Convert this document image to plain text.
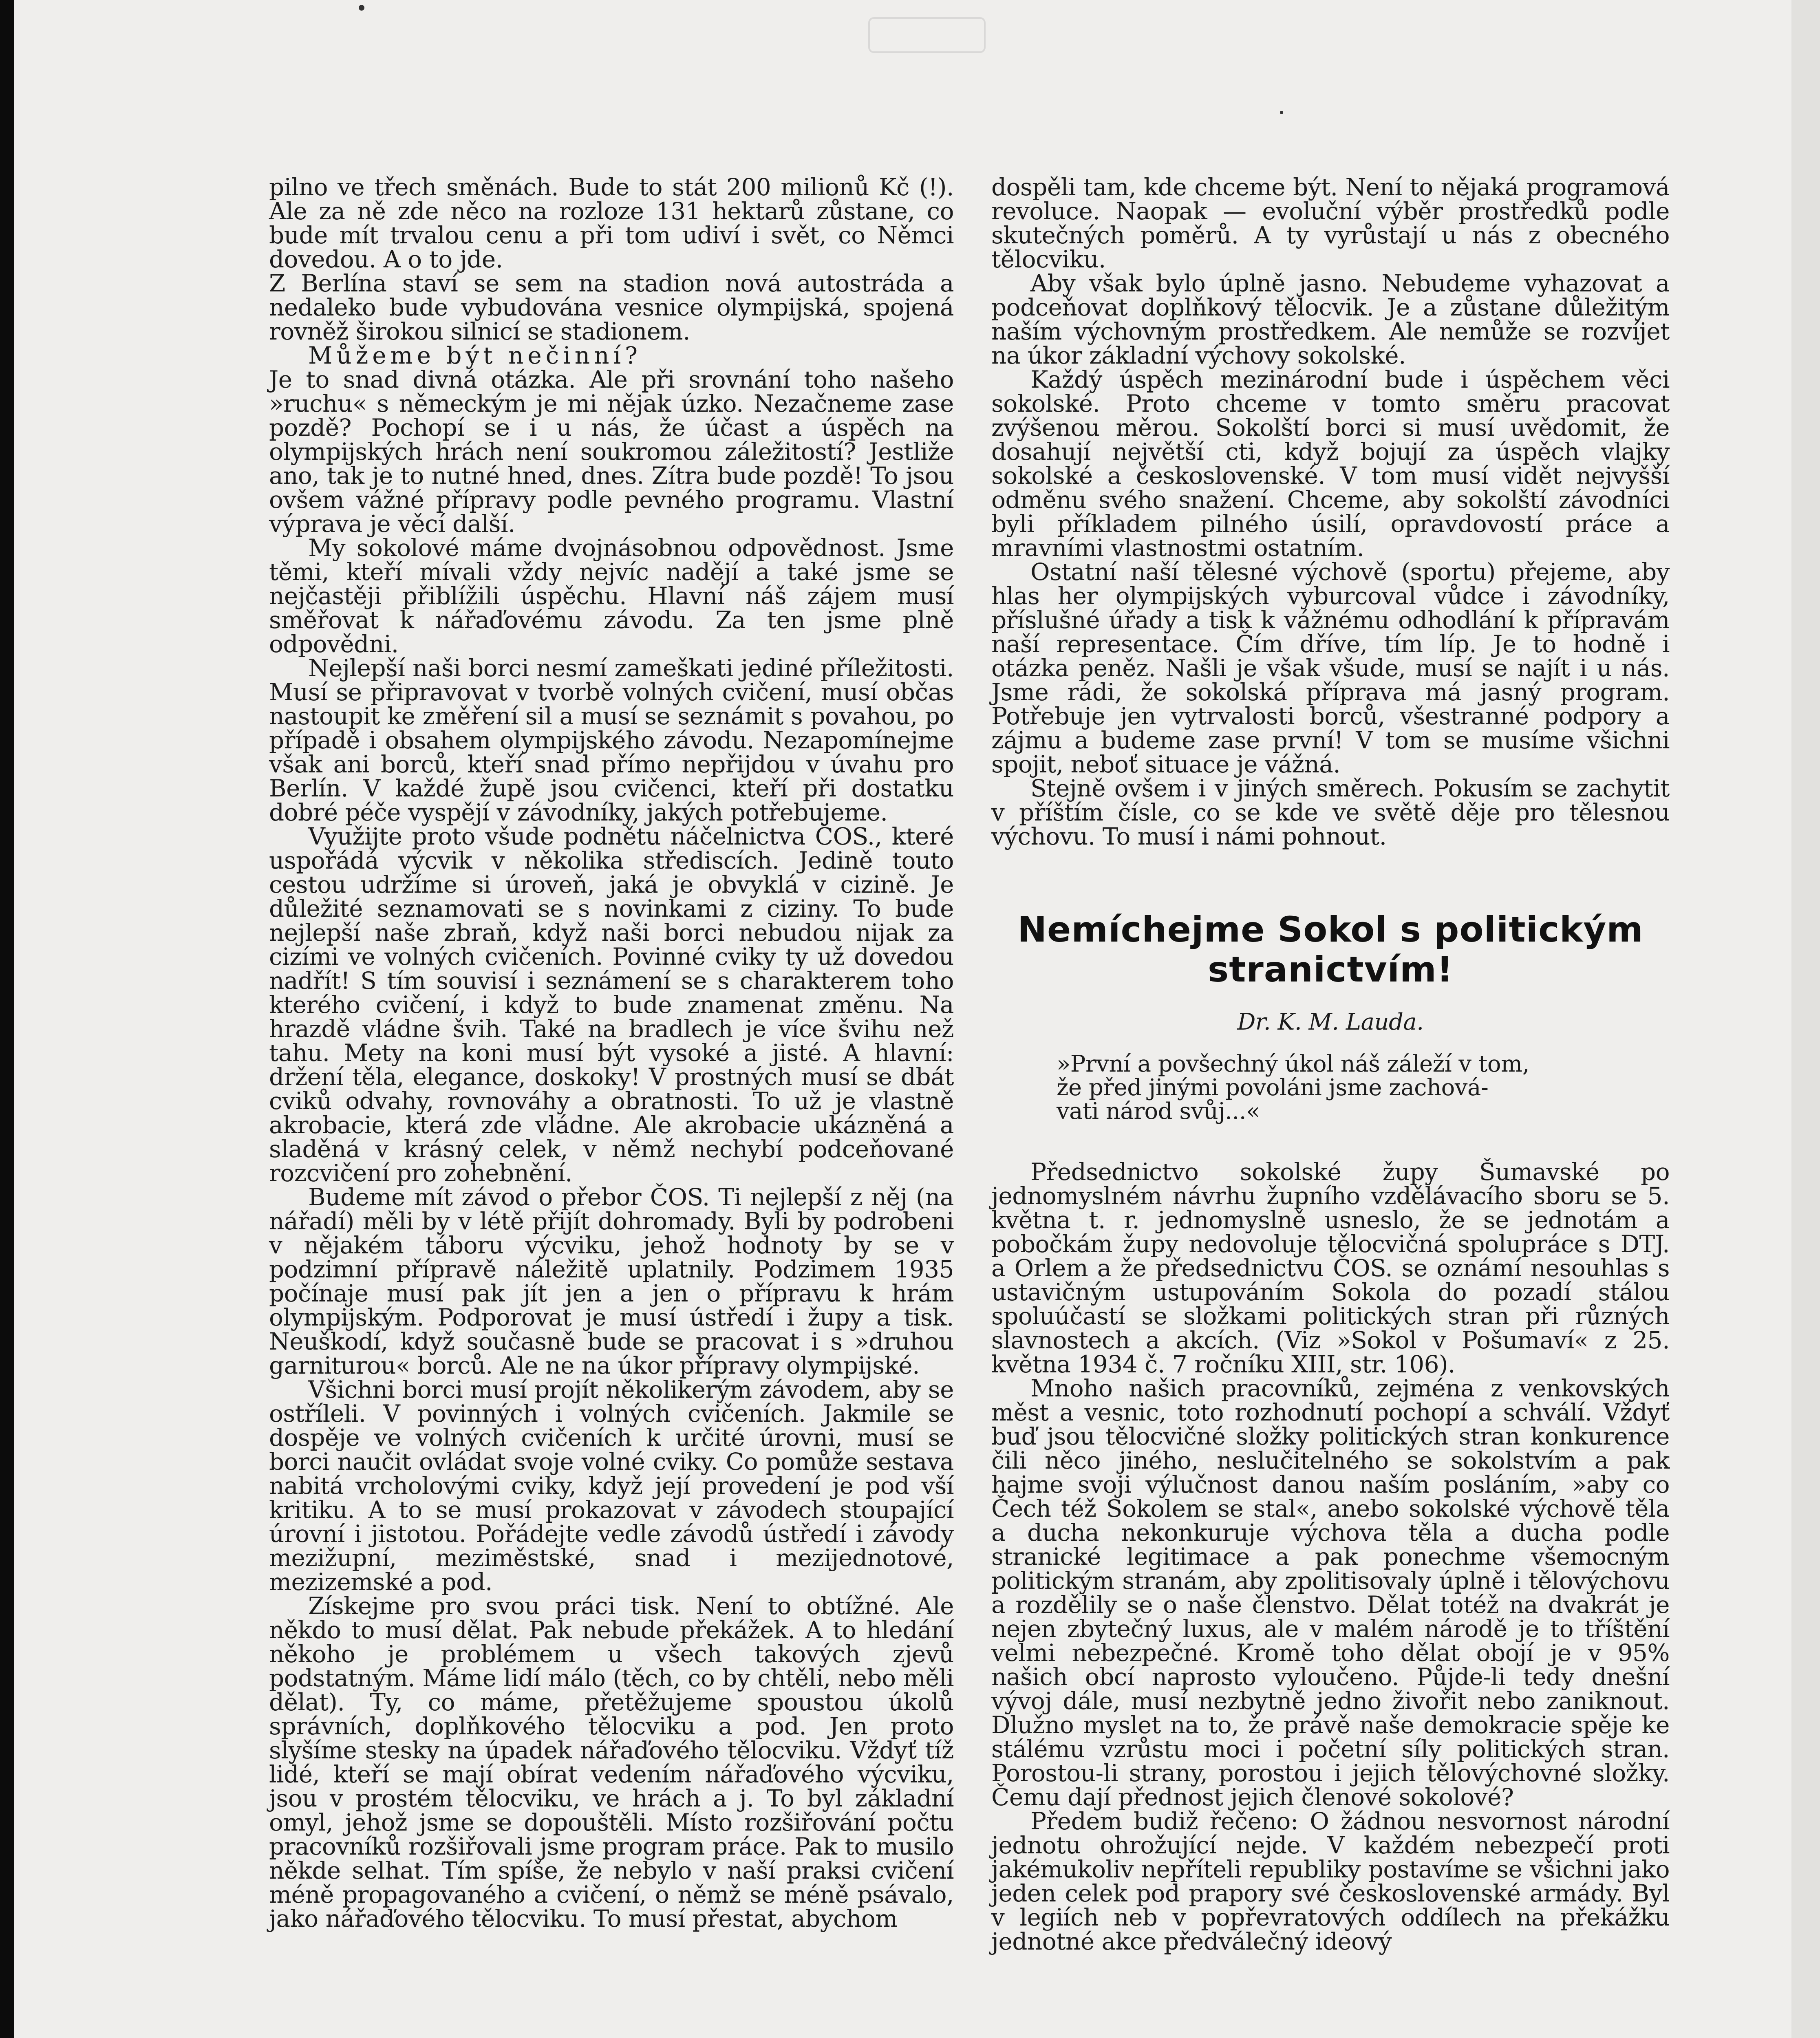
pilno ve třech směnách. Bude to stát 200 milionů Kč (!). Ale za ně zde něco na rozloze 131 hektarů zůstane, co bude mít trvalou cenu a při tom udiví i svět, co Němci dovedou. A o to jde.

Z Berlína staví se sem na stadion nová autostráda a nedaleko bude vybudována vesnice olympijská, spojená rovněž širokou silnicí se stadionem.

Můžeme být nečinní?

Je to snad divná otázka. Ale při srovnání toho našeho »ruchu« s německým je mi nějak úzko. Nezačneme zase pozdě? Pochopí se i u nás, že účast a úspěch na olympijských hrách není soukromou záležitostí? Jestliže ano, tak je to nutné hned, dnes. Zítra bude pozdě! To jsou ovšem vážné přípravy podle pevného programu. Vlastní výprava je věcí další.

My sokolové máme dvojnásobnou odpovědnost. Jsme těmi, kteří mívali vždy nejvíc nadějí a také jsme se nejčastěji přiblížili úspěchu. Hlavní náš zájem musí směřovat k nářaďovému závodu. Za ten jsme plně odpovědni.

Nejlepší naši borci nesmí zameškati jediné příležitosti. Musí se připravovat v tvorbě volných cvičení, musí občas nastoupit ke změření sil a musí se seznámit s povahou, po případě i obsahem olympijského závodu. Nezapomínejme však ani borců, kteří snad přímo nepřijdou v úvahu pro Berlín. V každé župě jsou cvičenci, kteří při dostatku dobré péče vyspějí v závodníky, jakých potřebujeme.

Využijte proto všude podnětu náčelnictva ČOS., které uspořádá výcvik v několika střediscích. Jedině touto cestou udržíme si úroveň, jaká je obvyklá v cizině. Je důležité seznamovati se s novinkami z ciziny. To bude nejlepší naše zbraň, když naši borci nebudou nijak za cizími ve volných cvičeních. Povinné cviky ty už dovedou nadřít! S tím souvisí i seznámení se s charakterem toho kterého cvičení, i když to bude znamenat změnu. Na hrazdě vládne švih. Také na bradlech je více švihu než tahu. Mety na koni musí být vysoké a jisté. A hlavní: držení těla, elegance, doskoky! V prostných musí se dbát cviků odvahy, rovnováhy a obratnosti. To už je vlastně akrobacie, která zde vládne. Ale akrobacie ukázněná a sladěná v krásný celek, v němž nechybí podceňované rozcvičení pro zohebnění.

Budeme mít závod o přebor ČOS. Ti nejlepší z něj (na nářadí) měli by v létě přijít dohromady. Byli by podrobeni v nějakém táboru výcviku, jehož hodnoty by se v podzimní přípravě náležitě uplatnily. Podzimem 1935 počínaje musí pak jít jen a jen o přípravu k hrám olympijským. Podporovat je musí ústředí i župy a tisk. Neuškodí, když současně bude se pracovat i s »druhou garniturou« borců. Ale ne na úkor přípravy olympijské.

Všichni borci musí projít několikerým závodem, aby se ostříleli. V povinných i volných cvičeních. Jakmile se dospěje ve volných cvičeních k určité úrovni, musí se borci naučit ovládat svoje volné cviky. Co pomůže sestava nabitá vrcholovými cviky, když její provedení je pod vší kritiku. A to se musí prokazovat v závodech stoupající úrovní i jistotou. Pořádejte vedle závodů ústředí i závody mezižupní, meziměstské, snad i mezijednotové, mezizemské a pod.

Získejme pro svou práci tisk. Není to obtížné. Ale někdo to musí dělat. Pak nebude překážek. A to hledání někoho je problémem u všech takových zjevů podstatným. Máme lidí málo (těch, co by chtěli, nebo měli dělat). Ty, co máme, přetěžujeme spoustou úkolů správních, doplňkového tělocviku a pod. Jen proto slyšíme stesky na úpadek nářaďového tělocviku. Vždyť tíž lidé, kteří se mají obírat vedením nářaďového výcviku, jsou v prostém tělocviku, ve hrách a j. To byl základní omyl, jehož jsme se dopouštěli. Místo rozšiřování počtu pracovníků rozšiřovali jsme program práce. Pak to musilo někde selhat. Tím spíše, že nebylo v naší praksi cvičení méně propagovaného a cvičení, o němž se méně psávalo, jako nářaďového tělocviku. To musí přestat, abychom

dospěli tam, kde chceme být. Není to nějaká programová revoluce. Naopak — evoluční výběr prostředků podle skutečných poměrů. A ty vyrůstají u nás z obecného tělocviku.

Aby však bylo úplně jasno. Nebudeme vyhazovat a podceňovat doplňkový tělocvik. Je a zůstane důležitým naším výchovným prostředkem. Ale nemůže se rozvíjet na úkor základní výchovy sokolské.

Každý úspěch mezinárodní bude i úspěchem věci sokolské. Proto chceme v tomto směru pracovat zvýšenou měrou. Sokolští borci si musí uvědomit, že dosahují největší cti, když bojují za úspěch vlajky sokolské a československé. V tom musí vidět nejvyšší odměnu svého snažení. Chceme, aby sokolští závodníci byli příkladem pilného úsilí, opravdovostí práce a mravními vlastnostmi ostatním.

Ostatní naší tělesné výchově (sportu) přejeme, aby hlas her olympijských vyburcoval vůdce i závodníky, příslušné úřady a tisk k vážnému odhodlání k přípravám naší representace. Čím dříve, tím líp. Je to hodně i otázka peněz. Našli je však všude, musí se najít i u nás. Jsme rádi, že sokolská příprava má jasný program. Potřebuje jen vytrvalosti borců, všestranné podpory a zájmu a budeme zase první! V tom se musíme všichni spojit, neboť situace je vážná.

Stejně ovšem i v jiných směrech. Pokusím se zachytit v příštím čísle, co se kde ve světě děje pro tělesnou výchovu. To musí i námi pohnout.

Nemíchejme Sokol s politickým stranictvím!
Dr. K. M. Lauda.
»První a povšechný úkol náš záleží v tom,
že před jinými povoláni jsme zachová-
vati národ svůj...«

Předsednictvo sokolské župy Šumavské po jednomyslném návrhu župního vzdělávacího sboru se 5. května t. r. jednomyslně usneslo, že se jednotám a pobočkám župy nedovoluje tělocvičná spolupráce s DTJ. a Orlem a že předsednictvu ČOS. se oznámí nesouhlas s ustavičným ustupováním Sokola do pozadí stálou spoluúčastí se složkami politických stran při různých slavnostech a akcích. (Viz »Sokol v Pošumaví« z 25. května 1934 č. 7 ročníku XIII, str. 106).

Mnoho našich pracovníků, zejména z venkovských měst a vesnic, toto rozhodnutí pochopí a schválí. Vždyť buď jsou tělocvičné složky politických stran konkurence čili něco jiného, neslučitelného se sokolstvím a pak hajme svoji výlučnost danou naším posláním, »aby co Čech též Sokolem se stal«, anebo sokolské výchově těla a ducha nekonkuruje výchova těla a ducha podle stranické legitimace a pak ponechme všemocným politickým stranám, aby zpolitisovaly úplně i tělovýchovu a rozdělily se o naše členstvo. Dělat totéž na dvakrát je nejen zbytečný luxus, ale v malém národě je to tříštění velmi nebezpečné. Kromě toho dělat obojí je v 95% našich obcí naprosto vyloučeno. Půjde-li tedy dnešní vývoj dále, musí nezbytně jedno živořit nebo zaniknout. Dlužno myslet na to, že právě naše demokracie spěje ke stálému vzrůstu moci i početní síly politických stran. Porostou-li strany, porostou i jejich tělovýchovné složky. Čemu dají přednost jejich členové sokolové?

Předem budiž řečeno: O žádnou nesvornost národní jednotu ohrožující nejde. V každém nebezpečí proti jakémukoliv nepříteli republiky postavíme se všichni jako jeden celek pod prapory své československé armády. Byl v legiích neb v popřevratových oddílech na překážku jednotné akce předválečný ideový
